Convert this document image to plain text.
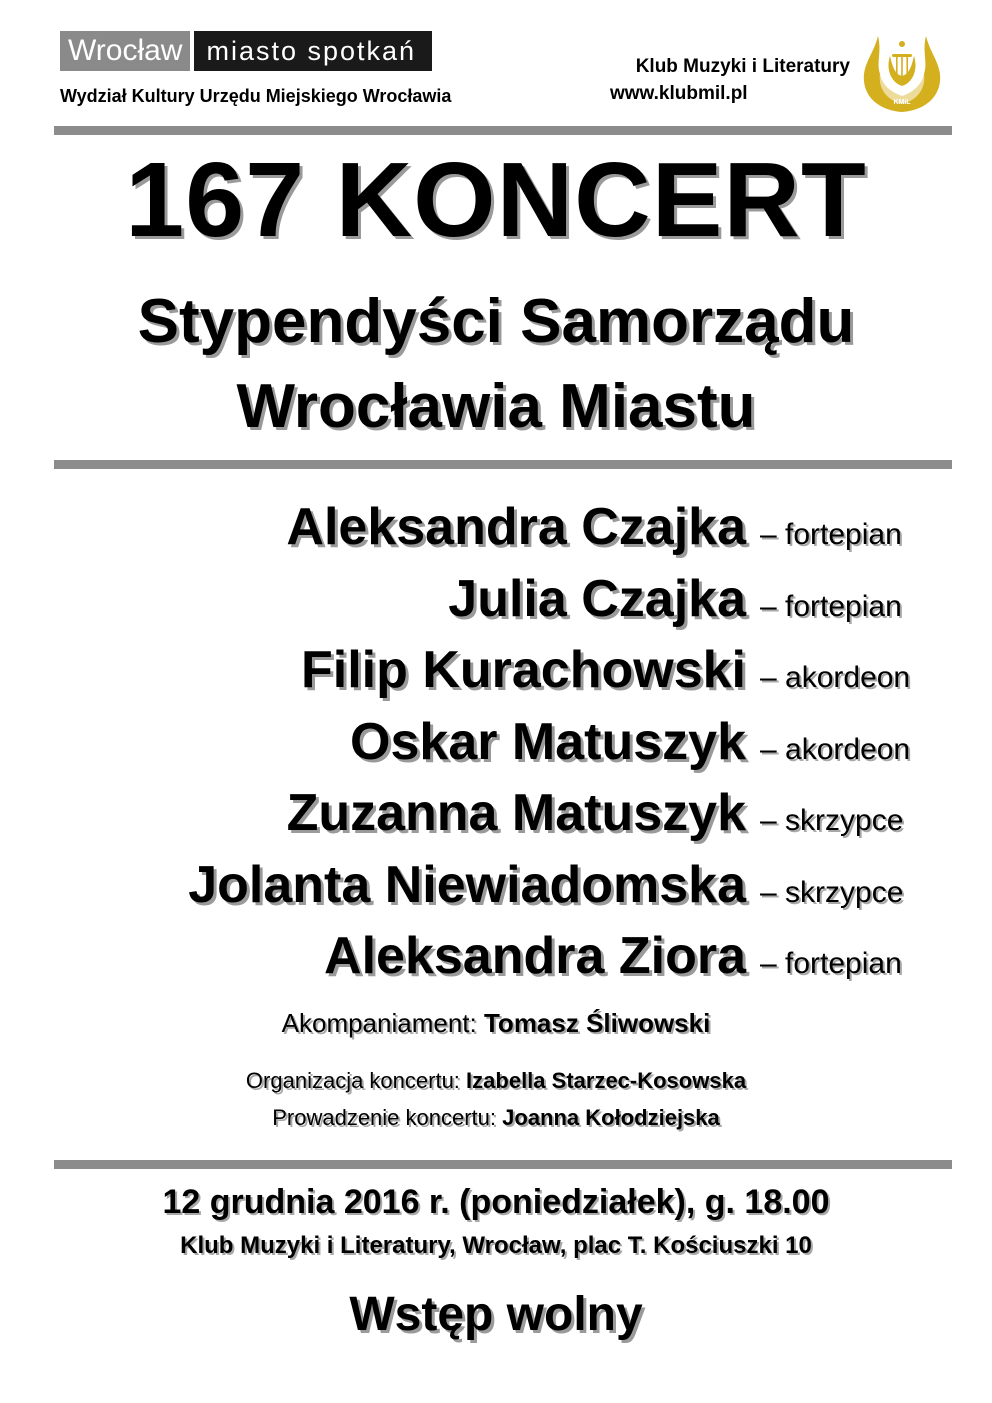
Wrocław miasto spotkań
Wydział Kultury Urzędu Miejskiego Wrocławia
Klub Muzyki i Literatury
www.klubmil.pl	KMiL
167 KONCERT
Stypendyści Samorządu
Wrocławia Miastu
Aleksandra Czajka – fortepian
Julia Czajka – fortepian
Filip Kurachowski – akordeon
Oskar Matuszyk – akordeon
Zuzanna Matuszyk – skrzypce
Jolanta Niewiadomska – skrzypce
Aleksandra Ziora – fortepian
Akompaniament: Tomasz Śliwowski
Organizacja koncertu: Izabella Starzec-Kosowska
Prowadzenie koncertu: Joanna Kołodziejska
12 grudnia 2016 r. (poniedziałek), g. 18.00
Klub Muzyki i Literatury, Wrocław, plac T. Kościuszki 10
Wstęp wolny
